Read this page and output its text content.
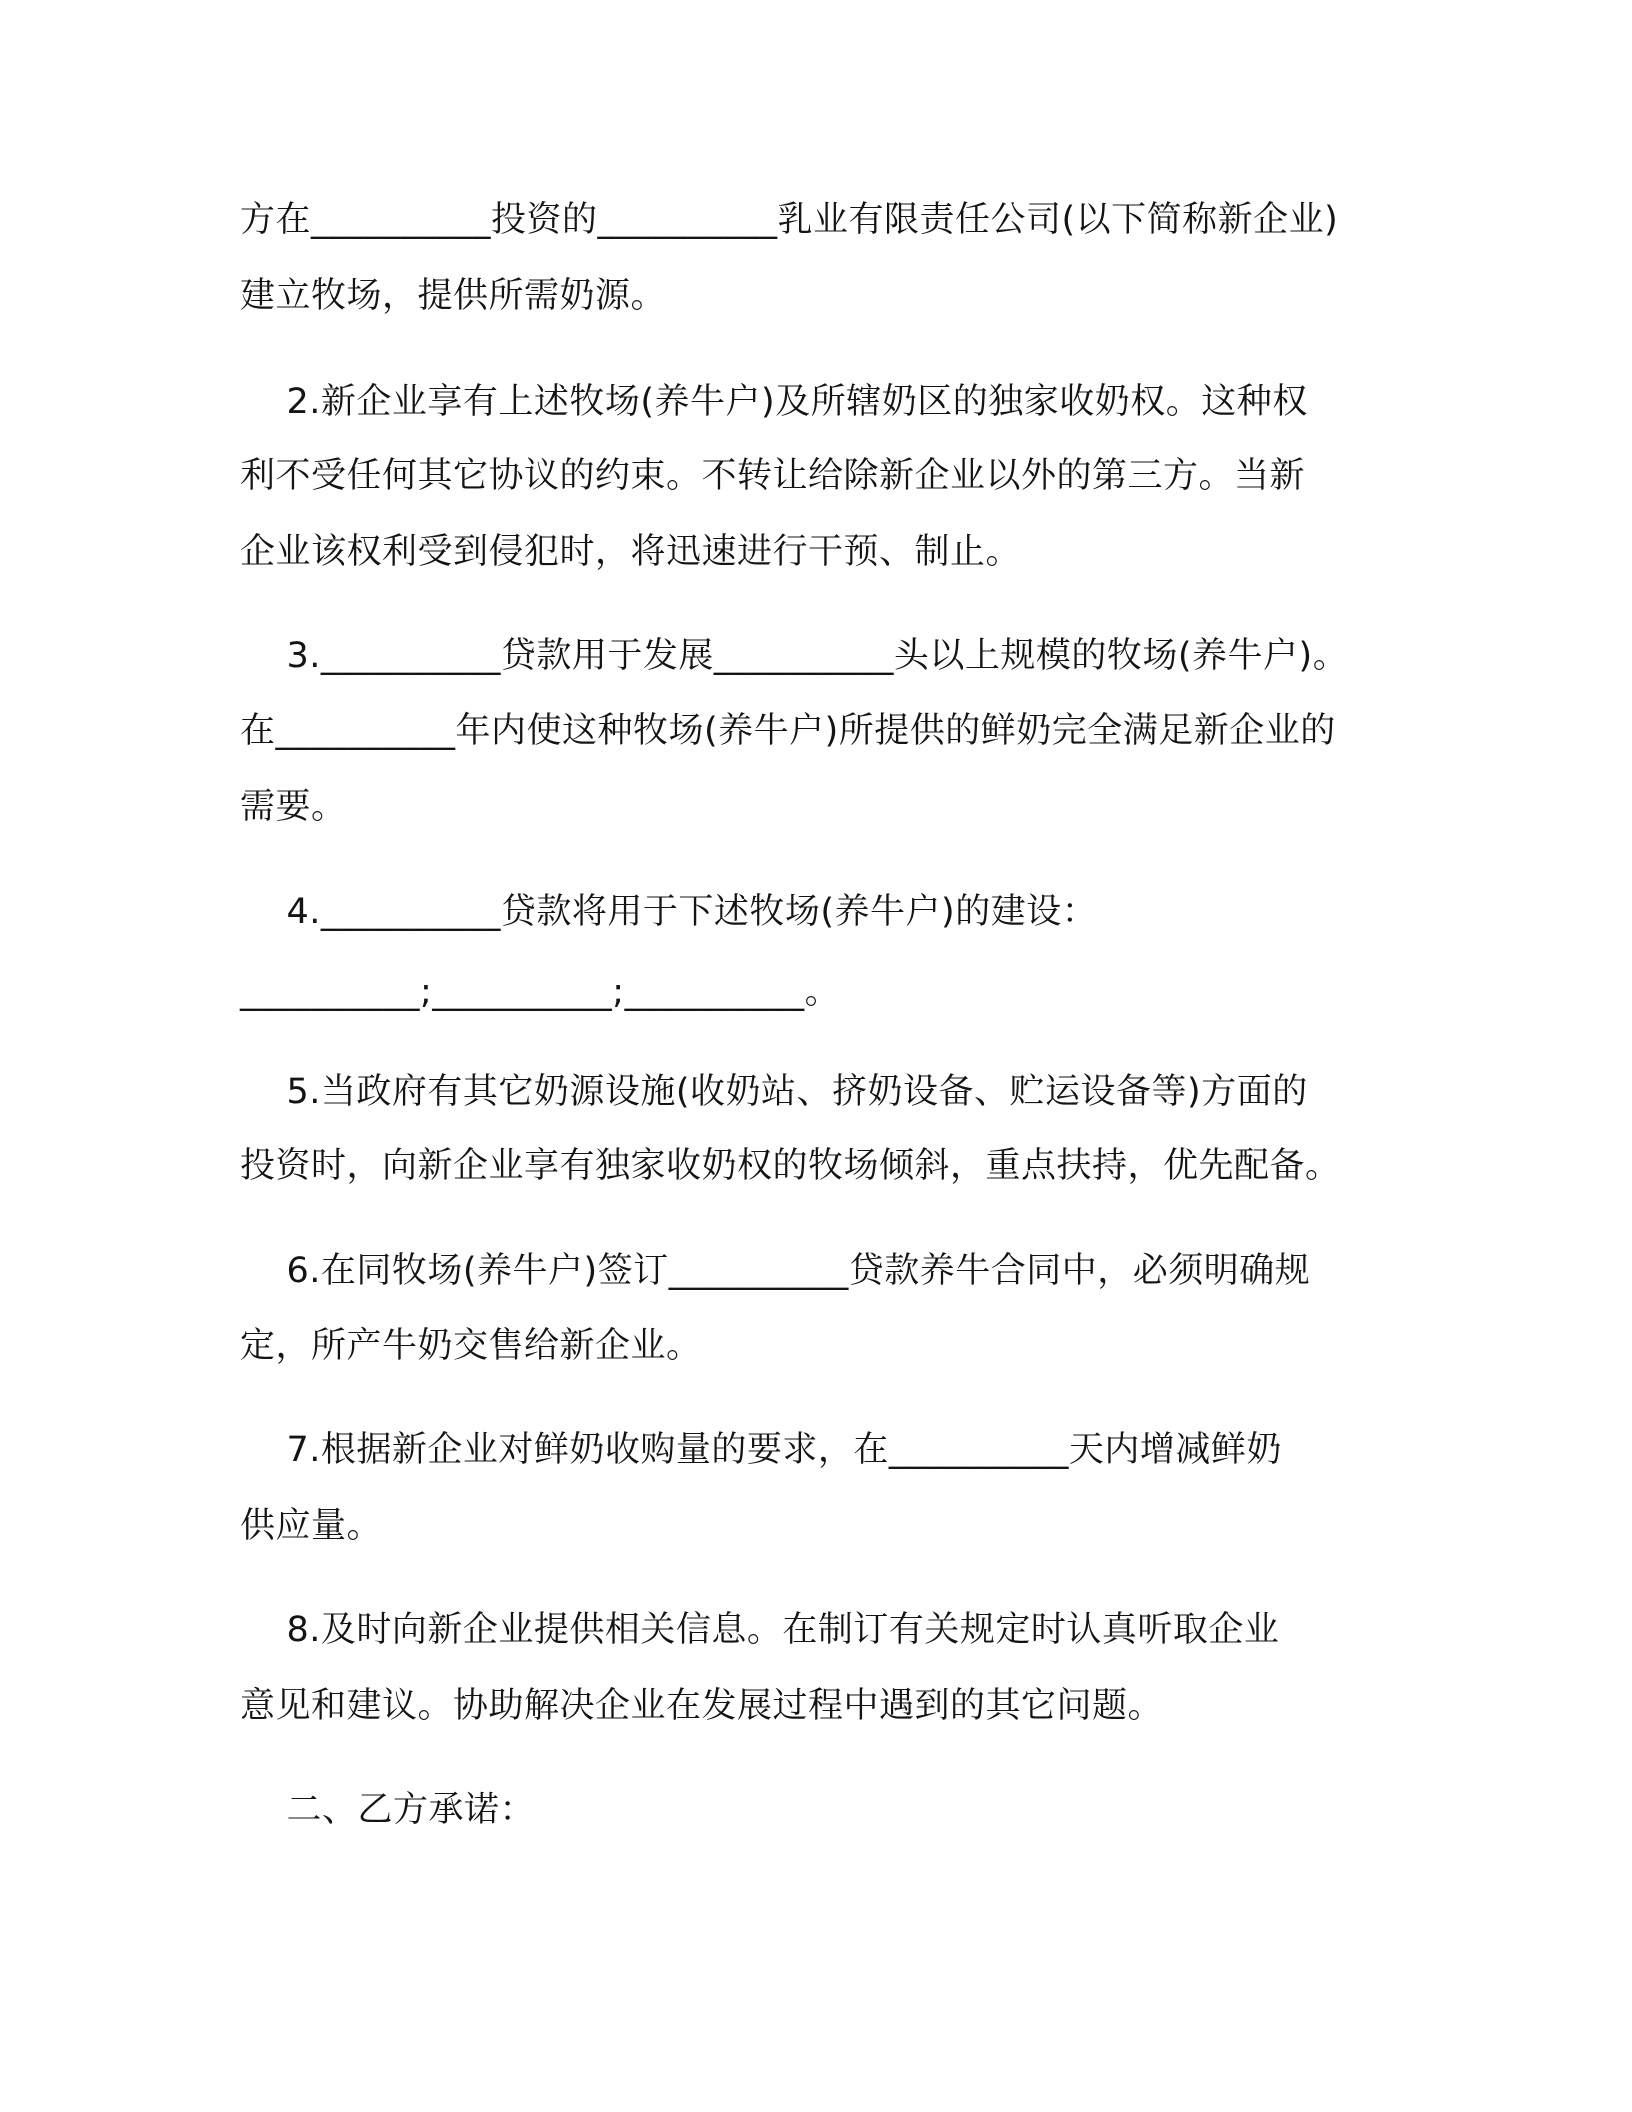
方在__________投资的__________乳业有限责任公司(以下简称新企业)
建立牧场，提供所需奶源。
2.新企业享有上述牧场(养牛户)及所辖奶区的独家收奶权。这种权
利不受任何其它协议的约束。不转让给除新企业以外的第三方。当新
企业该权利受到侵犯时，将迅速进行干预、制止。
3.__________贷款用于发展__________头以上规模的牧场(养牛户)。
在__________年内使这种牧场(养牛户)所提供的鲜奶完全满足新企业的
需要。
4.__________贷款将用于下述牧场(养牛户)的建设：
__________;__________;__________。
5.当政府有其它奶源设施(收奶站、挤奶设备、贮运设备等)方面的
投资时，向新企业享有独家收奶权的牧场倾斜，重点扶持，优先配备。
6.在同牧场(养牛户)签订__________贷款养牛合同中，必须明确规
定，所产牛奶交售给新企业。
7.根据新企业对鲜奶收购量的要求，在__________天内增减鲜奶
供应量。
8.及时向新企业提供相关信息。在制订有关规定时认真听取企业
意见和建议。协助解决企业在发展过程中遇到的其它问题。
二、乙方承诺：
